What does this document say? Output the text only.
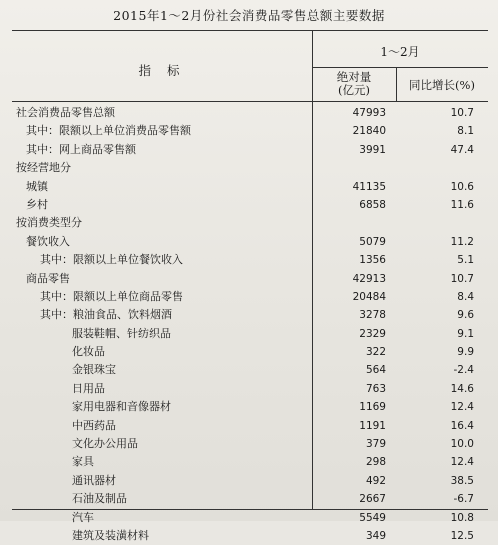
2015年1～2月份社会消费品零售总额主要数据
指 标
1～2月
绝对量
(亿元)	同比增长(%)
社会消费品零售总额	47993	10.7
其中：限额以上单位消费品零售额	21840	8.1
其中：网上商品零售额	3991	47.4
按经营地分
城镇	41135	10.6
乡村	6858	11.6
按消费类型分
餐饮收入	5079	11.2
其中：限额以上单位餐饮收入	1356	5.1
商品零售	42913	10.7
其中：限额以上单位商品零售	20484	8.4
其中：粮油食品、饮料烟酒	3278	9.6
服装鞋帽、针纺织品	2329	9.1
化妆品	322	9.9
金银珠宝	564	-2.4
日用品	763	14.6
家用电器和音像器材	1169	12.4
中西药品	1191	16.4
文化办公用品	379	10.0
家具	298	12.4
通讯器材	492	38.5
石油及制品	2667	-6.7
汽车	5549	10.8
建筑及装潢材料	349	12.5
